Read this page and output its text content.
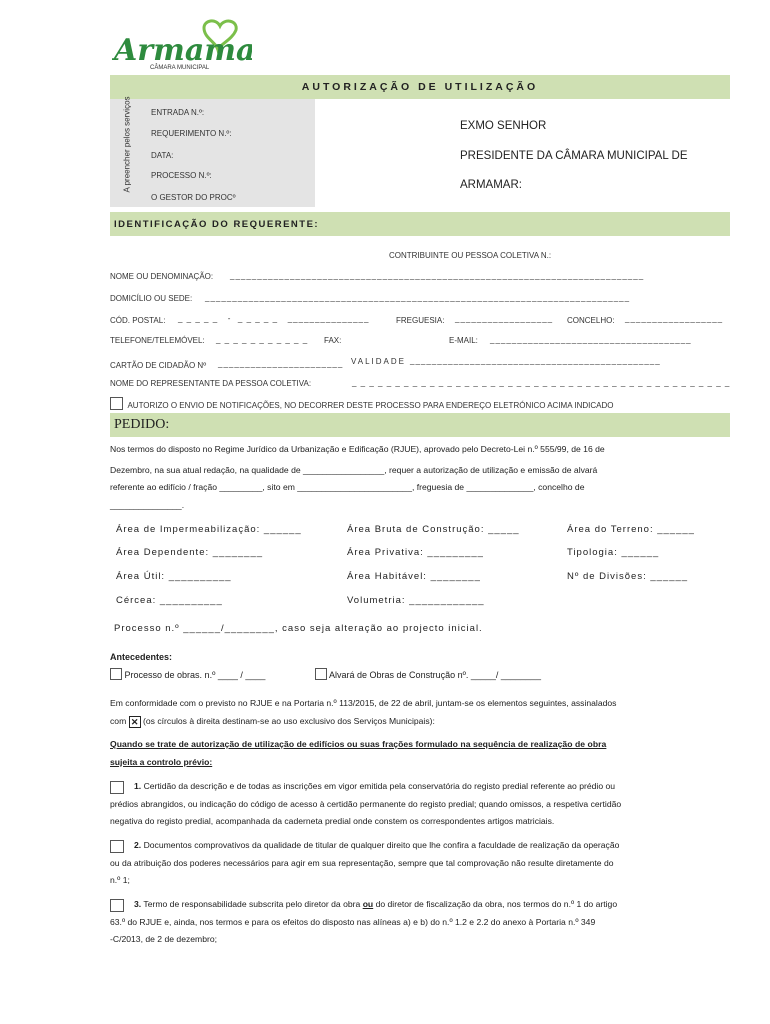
Armam
CÂMARA MUNICIPAL
AUTORIZAÇÃO DE UTILIZAÇÃO
A preencher pelos serviços ENTRADA N.º:
REQUERIMENTO N.º:
DATA:
PROCESSO N.º:
O GESTOR DO PROCº
EXMO SENHOR
PRESIDENTE DA CÂMARA MUNICIPAL DE
ARMAMAR:
IDENTIFICAÇÃO DO REQUERENTE:
CONTRIBUINTE OU PESSOA COLETIVA N.:
NOME OU DENOMINAÇÃO: ____________________________________________________________________________
DOMICÍLIO OU SEDE: ______________________________________________________________________________
CÓD. POSTAL: _ _ _ _ _   -  _ _ _ _ _   _______________	FREGUESIA: __________________ CONCELHO: __________________
TELEFONE/TELEMÓVEL: _ _ _ _ _ _ _ _ _ _ _ FAX:	E-MAIL: _____________________________________
CARTÃO DE CIDADÃO Nº _______________________ VALIDADE ______________________________________________
NOME DO REPRESENTANTE DA PESSOA COLETIVA:	_ _ _ _ _ _ _ _ _ _ _ _ _ _ _ _ _ _ _ _ _ _ _ _ _ _ _ _ _ _ _ _ _ _ _ _ _ _ _ _ _ _ _ _
AUTORIZO O ENVIO DE NOTIFICAÇÕES, NO DECORRER DESTE PROCESSO PARA ENDEREÇO ELETRÓNICO ACIMA INDICADO
PEDIDO:
Nos termos do disposto no Regime Jurídico da Urbanização e Edificação (RJUE), aprovado pelo Decreto-Lei n.º 555/99, de 16 de
Dezembro, na sua atual redação, na qualidade de _________________, requer a autorização de utilização e emissão de alvará
referente ao edifício / fração _________, sito em ________________________, freguesia de ______________, concelho de
_______________.
Área de Impermeabilização: ______	Área Bruta de Construção: _____	Área do Terreno: ______
Área Dependente: ________	Área Privativa: _________	Tipologia: ______
Área Útil: __________	Área Habitável: ________	Nº de Divisões: ______
Cércea: __________	Volumetria: ____________
Processo n.º ______/________, caso seja alteração ao projecto inicial.
Antecedentes:
Processo de obras. n.º ____ / ____	Alvará de Obras de Construção nº. _____/ ________
Em conformidade com o previsto no RJUE e na Portaria n.º 113/2015, de 22 de abril, juntam-se os elementos seguintes, assinalados
com ✕ (os círculos à direita destinam-se ao uso exclusivo dos Serviços Municipais):
Quando se trate de autorização de utilização de edifícios ou suas frações formulado na sequência de realização de obra
sujeita a controlo prévio:
1. Certidão da descrição e de todas as inscrições em vigor emitida pela conservatória do registo predial referente ao prédio ou
prédios abrangidos, ou indicação do código de acesso à certidão permanente do registo predial; quando omissos, a respetiva certidão
negativa do registo predial, acompanhada da caderneta predial onde constem os correspondentes artigos matriciais.
2. Documentos comprovativos da qualidade de titular de qualquer direito que lhe confira a faculdade de realização da operação
ou da atribuição dos poderes necessários para agir em sua representação, sempre que tal comprovação não resulte diretamente do
n.º 1;
3. Termo de responsabilidade subscrita pelo diretor da obra ou do diretor de fiscalização da obra, nos termos do n.º 1 do artigo
63.º do RJUE e, ainda, nos termos e para os efeitos do disposto nas alíneas a) e b) do n.º 1.2 e 2.2 do anexo à Portaria n.º 349
-C/2013, de 2 de dezembro;
